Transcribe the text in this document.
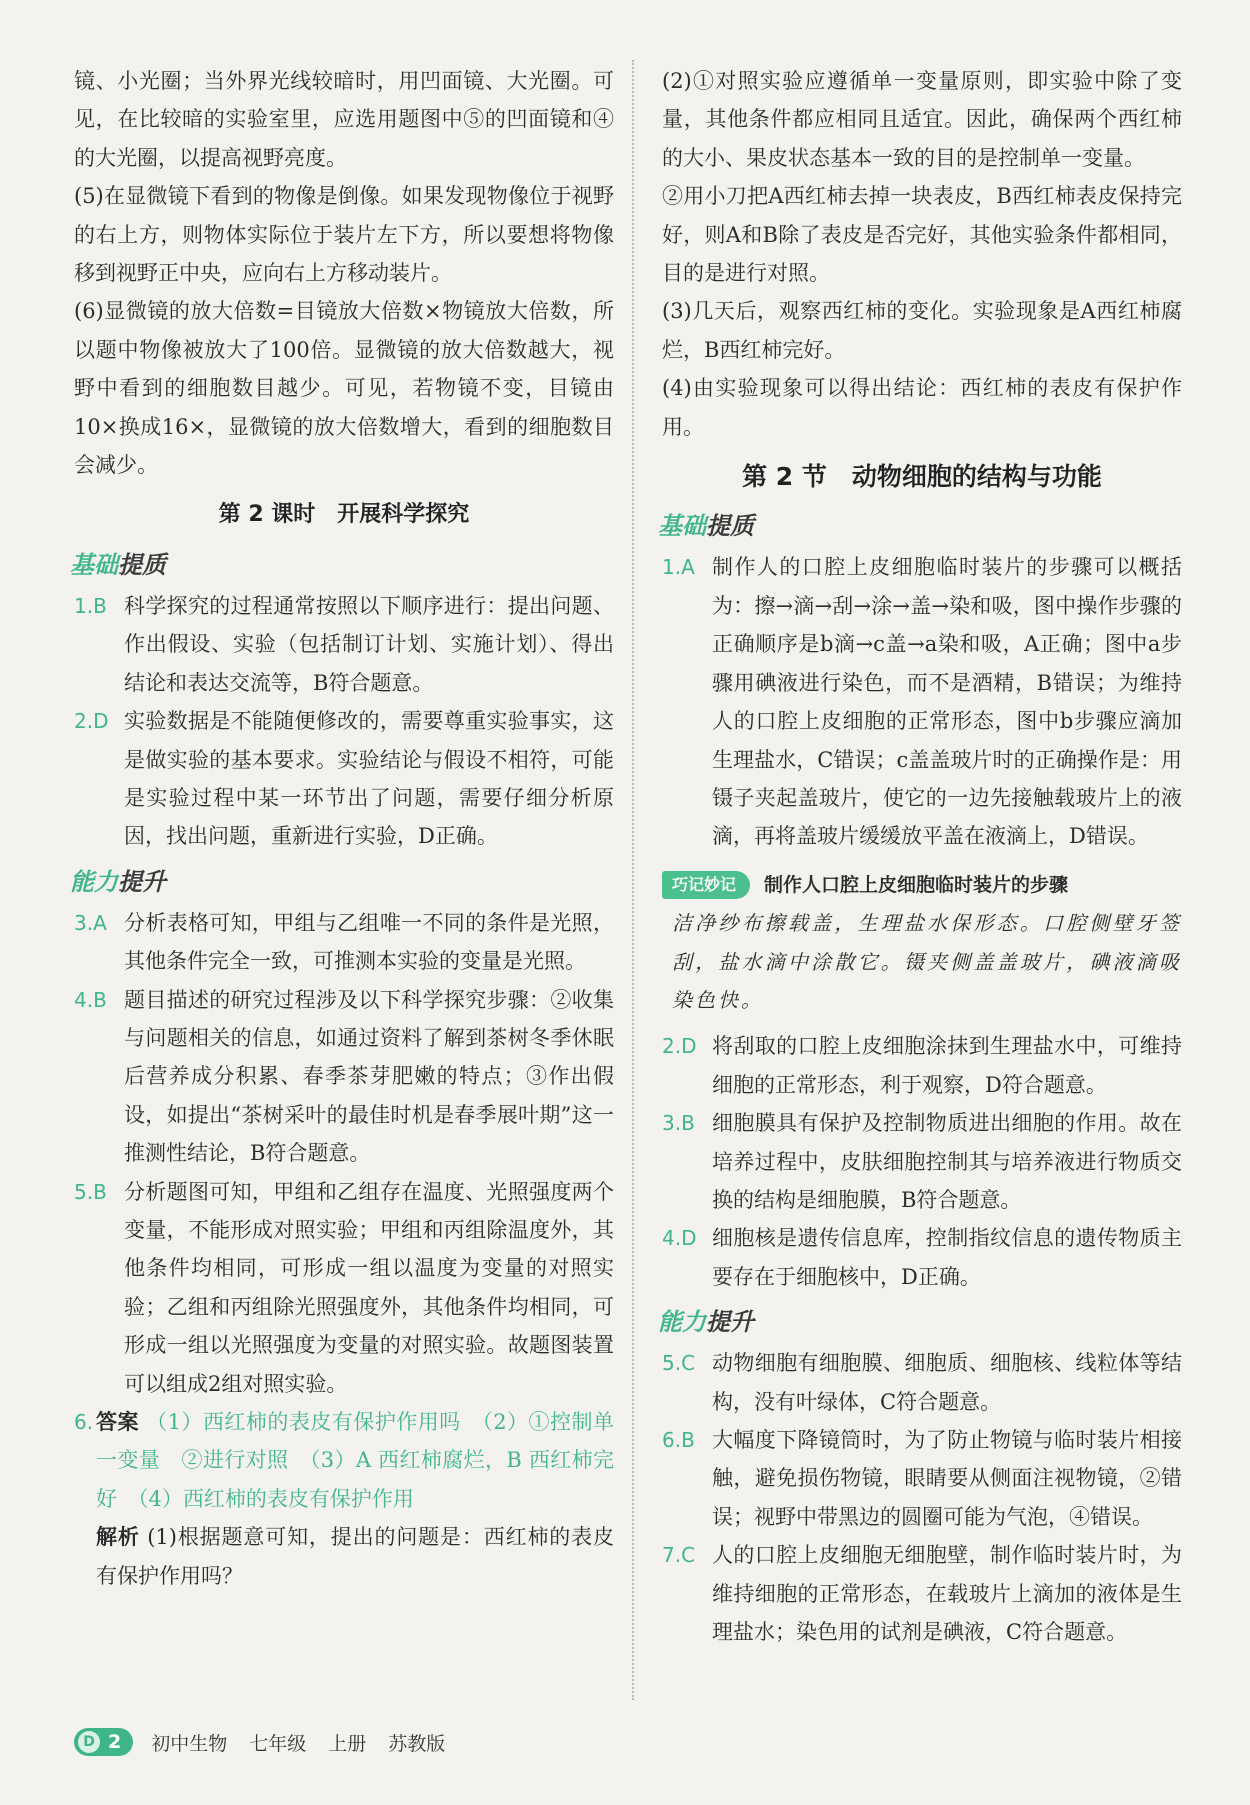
镜、小光圈；当外界光线较暗时，用凹面镜、大光圈。可见，在比较暗的实验室里，应选用题图中⑤的凹面镜和④的大光圈，以提高视野亮度。

(5)在显微镜下看到的物像是倒像。如果发现物像位于视野的右上方，则物体实际位于装片左下方，所以要想将物像移到视野正中央，应向右上方移动装片。

(6)显微镜的放大倍数=目镜放大倍数×物镜放大倍数，所以题中物像被放大了100倍。显微镜的放大倍数越大，视野中看到的细胞数目越少。可见，若物镜不变，目镜由10×换成16×，显微镜的放大倍数增大，看到的细胞数目会减少。

第 2 课时　开展科学探究
基础提质
1.B 科学探究的过程通常按照以下顺序进行：提出问题、作出假设、实验（包括制订计划、实施计划）、得出结论和表达交流等，B符合题意。
2.D 实验数据是不能随便修改的，需要尊重实验事实，这是做实验的基本要求。实验结论与假设不相符，可能是实验过程中某一环节出了问题，需要仔细分析原因，找出问题，重新进行实验，D正确。
能力提升
3.A 分析表格可知，甲组与乙组唯一不同的条件是光照，其他条件完全一致，可推测本实验的变量是光照。
4.B 题目描述的研究过程涉及以下科学探究步骤：②收集与问题相关的信息，如通过资料了解到茶树冬季休眠后营养成分积累、春季茶芽肥嫩的特点；③作出假设，如提出“茶树采叶的最佳时机是春季展叶期”这一推测性结论，B符合题意。
5.B 分析题图可知，甲组和乙组存在温度、光照强度两个变量，不能形成对照实验；甲组和丙组除温度外，其他条件均相同，可形成一组以温度为变量的对照实验；乙组和丙组除光照强度外，其他条件均相同，可形成一组以光照强度为变量的对照实验。故题图装置可以组成2组对照实验。
6. 答案 （1）西红柿的表皮有保护作用吗　（2）①控制单一变量　②进行对照　（3）A 西红柿腐烂，B 西红柿完好　（4）西红柿的表皮有保护作用
解析 (1)根据题意可知，提出的问题是：西红柿的表皮有保护作用吗？

(2)①对照实验应遵循单一变量原则，即实验中除了变量，其他条件都应相同且适宜。因此，确保两个西红柿的大小、果皮状态基本一致的目的是控制单一变量。

②用小刀把A西红柿去掉一块表皮，B西红柿表皮保持完好，则A和B除了表皮是否完好，其他实验条件都相同，目的是进行对照。

(3)几天后，观察西红柿的变化。实验现象是A西红柿腐烂，B西红柿完好。

(4)由实验现象可以得出结论：西红柿的表皮有保护作用。

第 2 节　动物细胞的结构与功能
基础提质
1.A 制作人的口腔上皮细胞临时装片的步骤可以概括为：擦→滴→刮→涂→盖→染和吸，图中操作步骤的正确顺序是b滴→c盖→a染和吸，A正确；图中a步骤用碘液进行染色，而不是酒精，B错误；为维持人的口腔上皮细胞的正常形态，图中b步骤应滴加生理盐水，C错误；c盖盖玻片时的正确操作是：用镊子夹起盖玻片，使它的一边先接触载玻片上的液滴，再将盖玻片缓缓放平盖在液滴上，D错误。
巧记妙记	制作人口腔上皮细胞临时装片的步骤

洁净纱布擦载盖，生理盐水保形态。口腔侧壁牙签刮，盐水滴中涂散它。镊夹侧盖盖玻片，碘液滴吸染色快。

2.D 将刮取的口腔上皮细胞涂抹到生理盐水中，可维持细胞的正常形态，利于观察，D符合题意。
3.B 细胞膜具有保护及控制物质进出细胞的作用。故在培养过程中，皮肤细胞控制其与培养液进行物质交换的结构是细胞膜，B符合题意。
4.D 细胞核是遗传信息库，控制指纹信息的遗传物质主要存在于细胞核中，D正确。
能力提升
5.C 动物细胞有细胞膜、细胞质、细胞核、线粒体等结构，没有叶绿体，C符合题意。
6.B 大幅度下降镜筒时，为了防止物镜与临时装片相接触，避免损伤物镜，眼睛要从侧面注视物镜，②错误；视野中带黑边的圆圈可能为气泡，④错误。
7.C 人的口腔上皮细胞无细胞壁，制作临时装片时，为维持细胞的正常形态，在载玻片上滴加的液体是生理盐水；染色用的试剂是碘液，C符合题意。
D 2 初中生物 七年级 上册 苏教版
